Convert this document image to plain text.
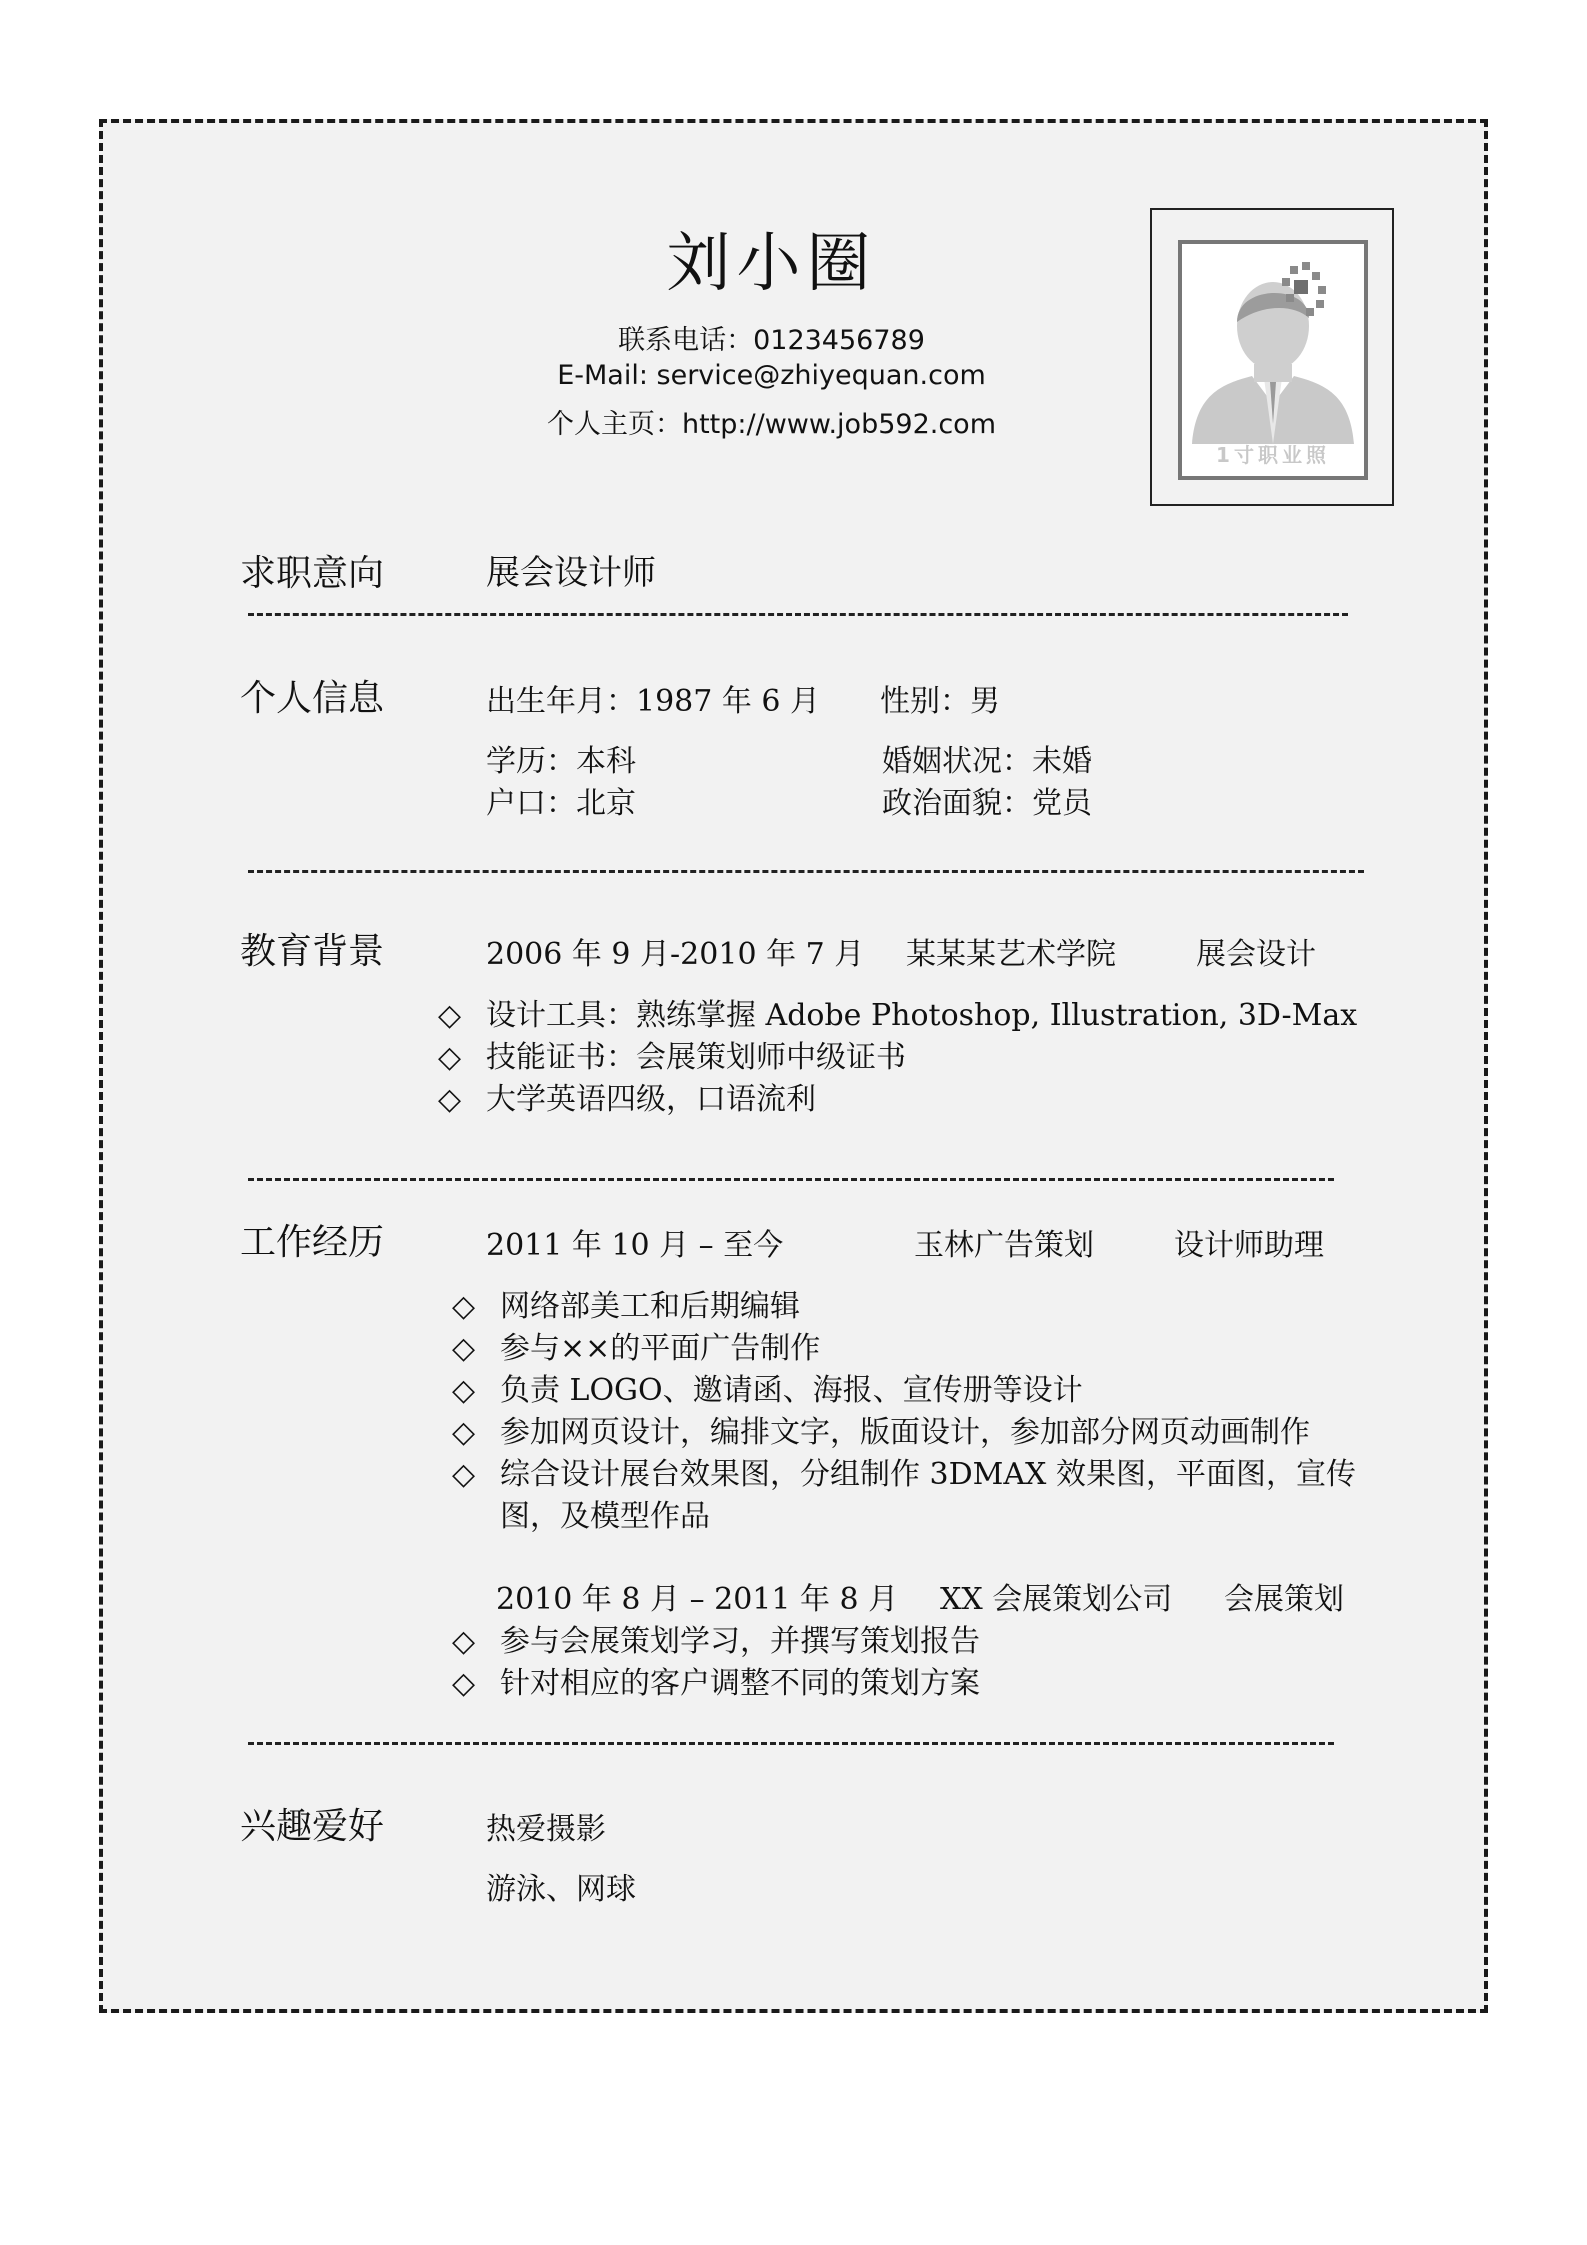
刘小圈
联系电话：0123456789
E-Mail: service@zhiyequan.com
个人主页：http://www.job592.com
1寸职业照
求职意向	展会设计师
个人信息	出生年月：1987 年 6 月 性别：男
学历：本科	婚姻状况：未婚
户口：北京	政治面貌：党员
教育背景	2006 年 9 月-2010 年 7 月 某某某艺术学院	展会设计
◇ 设计工具：熟练掌握 Adobe Photoshop, Illustration, 3D-Max
◇ 技能证书：会展策划师中级证书
◇ 大学英语四级，口语流利
工作经历	2011 年 10 月 – 至今	玉林广告策划	设计师助理
◇ 网络部美工和后期编辑
◇ 参与××的平面广告制作
◇ 负责 LOGO、邀请函、海报、宣传册等设计
◇ 参加网页设计，编排文字，版面设计，参加部分网页动画制作
◇ 综合设计展台效果图，分组制作 3DMAX 效果图，平面图，宣传
图，及模型作品
2010 年 8 月 – 2011 年 8 月 XX 会展策划公司 会展策划
◇ 参与会展策划学习，并撰写策划报告
◇ 针对相应的客户调整不同的策划方案
兴趣爱好	热爱摄影
游泳、网球
